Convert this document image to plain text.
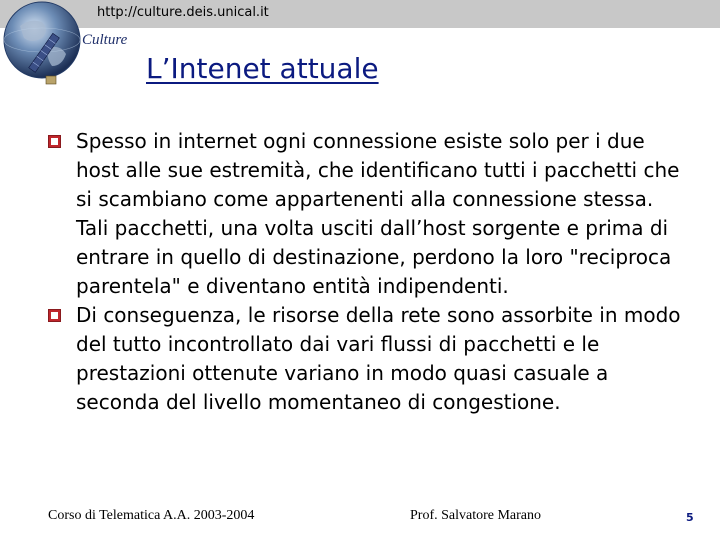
http://culture.deis.unical.it
Culture
L’Intenet attuale
Spesso in internet ogni connessione esiste solo per i due host alle sue estremità, che identificano tutti i pacchetti che si scambiano come appartenenti alla connessione stessa. Tali pacchetti, una volta usciti dall’host sorgente e prima di entrare in quello di destinazione, perdono la loro "reciproca parentela" e diventano entità indipendenti.
Di conseguenza, le risorse della rete sono assorbite in modo del tutto incontrollato dai vari flussi di pacchetti e le prestazioni ottenute variano in modo quasi casuale a seconda del livello momentaneo di congestione.
Corso di Telematica A.A. 2003-2004	Prof. Salvatore Marano	5
